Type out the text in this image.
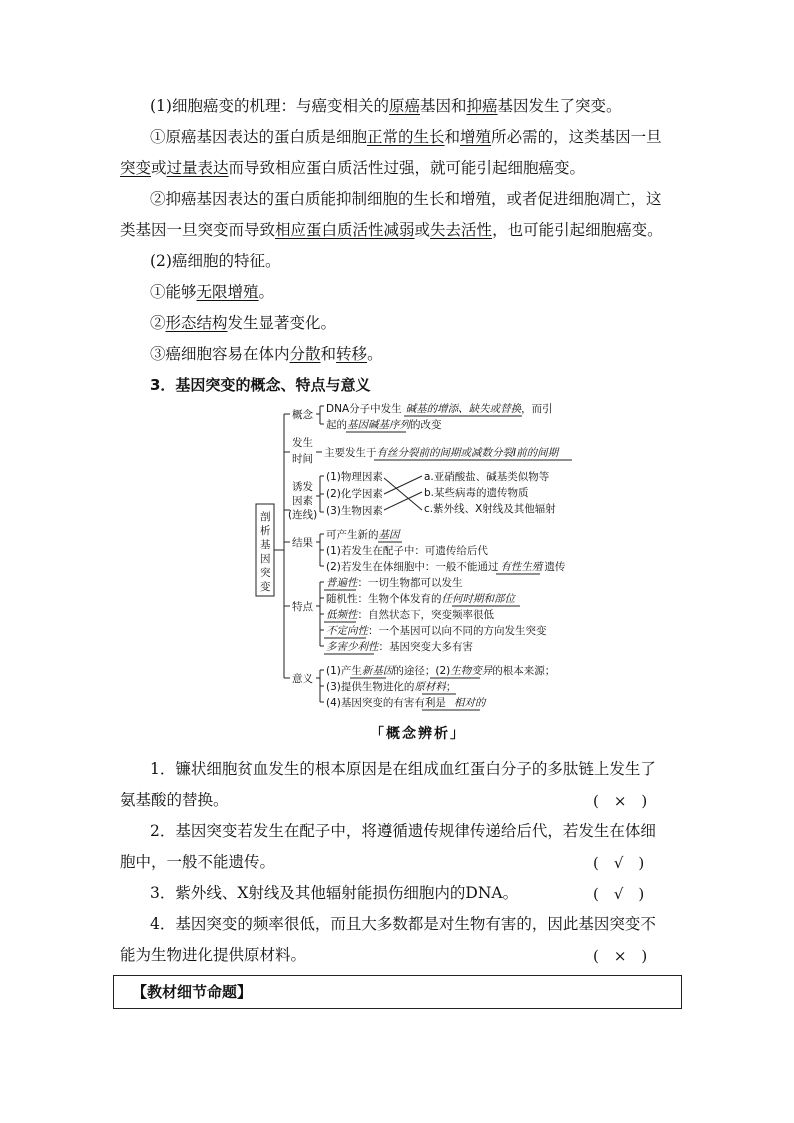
(1)细胞癌变的机理：与癌变相关的原癌基因和抑癌基因发生了突变。
①原癌基因表达的蛋白质是细胞正常的生长和增殖所必需的，这类基因一旦
突变或过量表达而导致相应蛋白质活性过强，就可能引起细胞癌变。
②抑癌基因表达的蛋白质能抑制细胞的生长和增殖，或者促进细胞凋亡，这
类基因一旦突变而导致相应蛋白质活性减弱或失去活性，也可能引起细胞癌变。
(2)癌细胞的特征。
①能够无限增殖。
②形态结构发生显著变化。
③癌细胞容易在体内分散和转移。
3．基因突变的概念、特点与意义
剖
析
基
因
突
变
概念 DNA分子中发生 碱基的增添、缺失或替换，而引
起的基因碱基序列的改变
发生
时间 主要发生于有丝分裂前的间期或减数分裂Ⅰ前的间期
诱发
因素
(连线)
(1)物理因素
(2)化学因素
(3)生物因素
a.亚硝酸盐、碱基类似物等
b.某些病毒的遗传物质
c.紫外线、X射线及其他辐射
结果
可产生新的基因
(1)若发生在配子中：可遗传给后代
(2)若发生在体细胞中：一般不能通过 有性生殖 遗传
特点
普遍性：一切生物都可以发生
随机性：生物个体发育的任何时期和部位
低频性：自然状态下，突变频率很低
不定向性：一个基因可以向不同的方向发生突变
多害少利性：基因突变大多有害
意义
(1)产生新基因的途径；(2)生物变异的根本来源；
(3)提供生物进化的原材料；
(4)基因突变的有害有利是 相对的
「概念辨析」
1．镰状细胞贫血发生的根本原因是在组成血红蛋白分子的多肽链上发生了
氨基酸的替换。	(　×　)
2．基因突变若发生在配子中，将遵循遗传规律传递给后代，若发生在体细
胞中，一般不能遗传。	(　√　)
3．紫外线、X射线及其他辐射能损伤细胞内的DNA。	(　√　)
4．基因突变的频率很低，而且大多数都是对生物有害的，因此基因突变不
能为生物进化提供原材料。	(　×　)
【教材细节命题】
